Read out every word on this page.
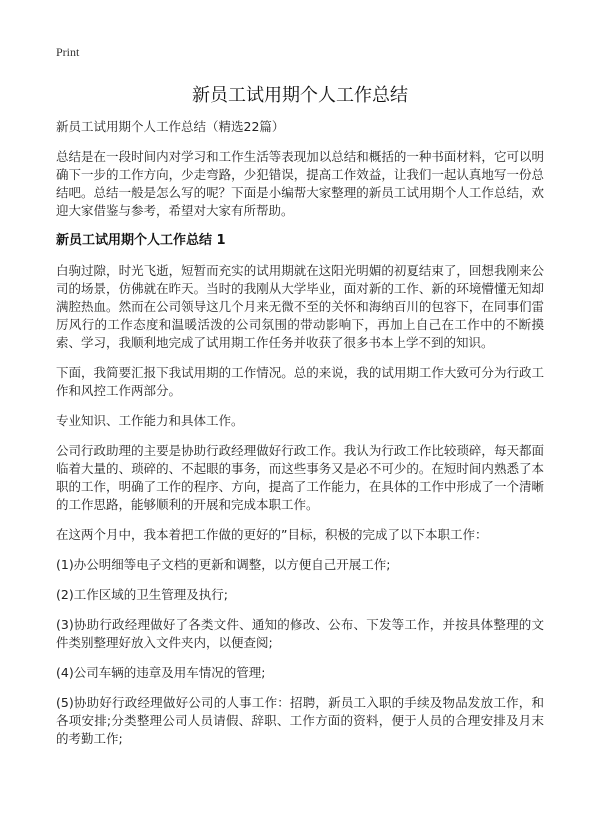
Print
新员工试用期个人工作总结

新员工试用期个人工作总结（精选22篇）

总结是在一段时间内对学习和工作生活等表现加以总结和概括的一种书面材料，它可以明确下一步的工作方向，少走弯路，少犯错误，提高工作效益，让我们一起认真地写一份总结吧。总结一般是怎么写的呢？下面是小编帮大家整理的新员工试用期个人工作总结，欢迎大家借鉴与参考，希望对大家有所帮助。

新员工试用期个人工作总结 1

白驹过隙，时光飞逝，短暂而充实的试用期就在这阳光明媚的初夏结束了，回想我刚来公司的场景，仿佛就在昨天。当时的我刚从大学毕业，面对新的工作、新的环境懵懂无知却满腔热血。然而在公司领导这几个月来无微不至的关怀和海纳百川的包容下，在同事们雷厉风行的工作态度和温暖活泼的公司氛围的带动影响下，再加上自己在工作中的不断摸索、学习，我顺利地完成了试用期工作任务并收获了很多书本上学不到的知识。

下面，我简要汇报下我试用期的工作情况。总的来说，我的试用期工作大致可分为行政工作和风控工作两部分。

专业知识、工作能力和具体工作。

公司行政助理的主要是协助行政经理做好行政工作。我认为行政工作比较琐碎，每天都面临着大量的、琐碎的、不起眼的事务，而这些事务又是必不可少的。在短时间内熟悉了本职的工作，明确了工作的程序、方向，提高了工作能力，在具体的工作中形成了一个清晰的工作思路，能够顺利的开展和完成本职工作。

在这两个月中，我本着把工作做的更好的”目标，积极的完成了以下本职工作：

(1)办公明细等电子文档的更新和调整，以方便自己开展工作;

(2)工作区域的卫生管理及执行;

(3)协助行政经理做好了各类文件、通知的修改、公布、下发等工作，并按具体整理的文件类别整理好放入文件夹内，以便查阅;

(4)公司车辆的违章及用车情况的管理;

(5)协助好行政经理做好公司的人事工作：招聘，新员工入职的手续及物品发放工作，和各项安排;分类整理公司人员请假、辞职、工作方面的资料，便于人员的合理安排及月末的考勤工作;
